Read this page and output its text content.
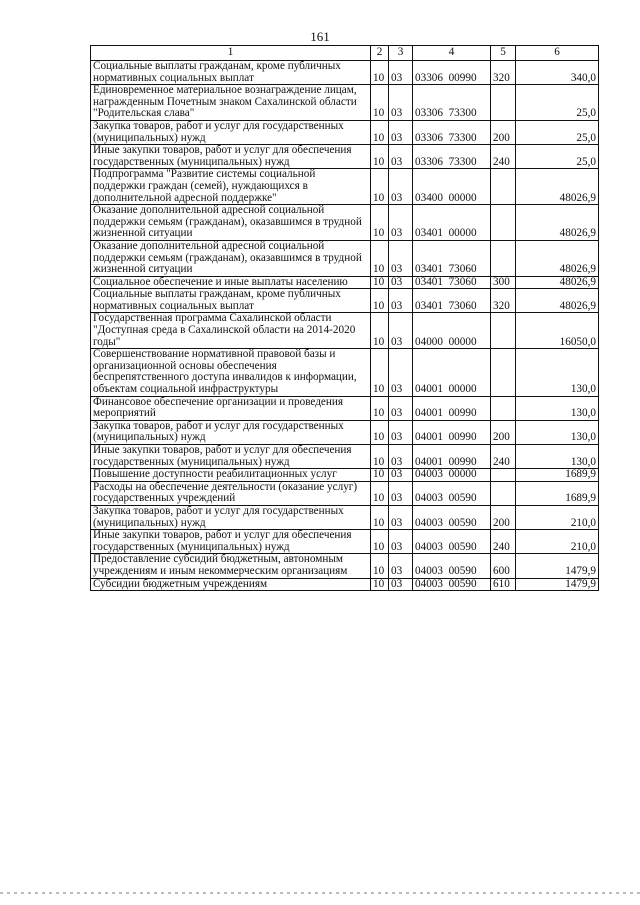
161
1	2	3	4	5	6
Социальные выплаты гражданам, кроме публичных нормативных социальных выплат	10	03	03306  00990	320	340,0
Единовременное материальное вознаграждение лицам, награжденным Почетным знаком Сахалинской области "Родительская слава"	10	03	03306  73300		25,0
Закупка товаров, работ и услуг для государственных (муниципальных) нужд	10	03	03306  73300	200	25,0
Иные закупки товаров, работ и услуг для обеспечения государственных (муниципальных) нужд	10	03	03306  73300	240	25,0
Подпрограмма "Развитие системы социальной поддержки граждан (семей), нуждающихся в дополнительной адресной поддержке"	10	03	03400  00000		48026,9
Оказание дополнительной адресной социальной поддержки семьям (гражданам), оказавшимся в трудной жизненной ситуации	10	03	03401  00000		48026,9
Оказание дополнительной адресной социальной поддержки семьям (гражданам), оказавшимся в трудной жизненной ситуации	10	03	03401  73060		48026,9
Социальное обеспечение и иные выплаты населению	10	03	03401  73060	300	48026,9
Социальные выплаты гражданам, кроме публичных нормативных социальных выплат	10	03	03401  73060	320	48026,9
Государственная программа Сахалинской области "Доступная среда в Сахалинской области на 2014-2020 годы"	10	03	04000  00000		16050,0
Совершенствование нормативной правовой базы и организационной основы обеспечения беспрепятственного доступа инвалидов к информации, объектам социальной инфраструктуры	10	03	04001  00000		130,0
Финансовое обеспечение организации и проведения мероприятий	10	03	04001  00990		130,0
Закупка товаров, работ и услуг для государственных (муниципальных) нужд	10	03	04001  00990	200	130,0
Иные закупки товаров, работ и услуг для обеспечения государственных (муниципальных) нужд	10	03	04001  00990	240	130,0
Повышение доступности реабилитационных услуг	10	03	04003  00000		1689,9
Расходы на обеспечение деятельности (оказание услуг) государственных учреждений	10	03	04003  00590		1689,9
Закупка товаров, работ и услуг для государственных (муниципальных) нужд	10	03	04003  00590	200	210,0
Иные закупки товаров, работ и услуг для обеспечения государственных (муниципальных) нужд	10	03	04003  00590	240	210,0
Предоставление субсидий бюджетным, автономным учреждениям и иным некоммерческим организациям	10	03	04003  00590	600	1479,9
Субсидии бюджетным учреждениям	10	03	04003  00590	610	1479,9
